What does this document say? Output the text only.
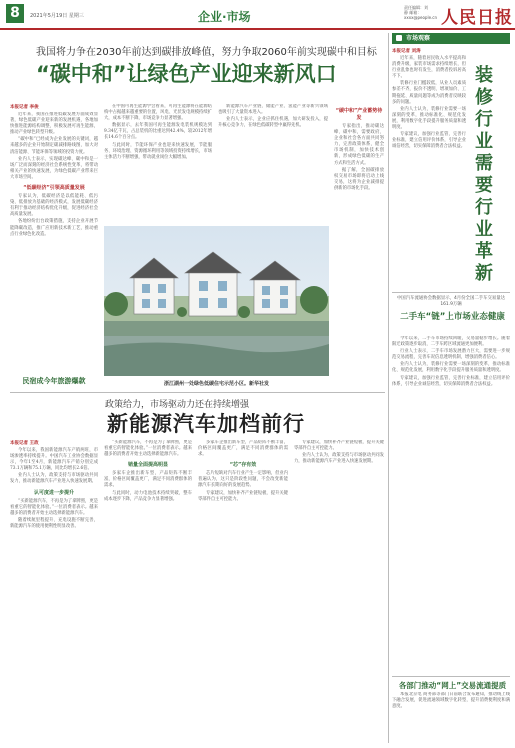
8	2021年5月19日 星期三	企业·市场
责任编辑：刘静 邮箱：xxxx@people.cn 人民日报
我国将力争在2030年前达到碳排放峰值，努力争取2060年前实现碳中和目标
“碳中和”让绿色产业迎来新风口
本报记者 李俊

近年来，我国在推进低碳发展方面成效显著，绿色低碳产业迎来新的发展机遇，各地加快推进能源结构调整，积极发展可再生能源，推动产业绿色转型升级。

“碳中和”已经成为企业发展的关键词，越来越多的企业开始制定碳减排路线图，加大对清洁能源、节能环保等领域的投资力度。

业内人士表示，实现碳达峰、碳中和是一场广泛而深刻的经济社会系统性变革，将带动相关产业的快速发展，为绿色低碳产业带来巨大市场空间。

“低碳经济”引领高质量发展

专家认为，低碳经济是以低能耗、低污染、低排放为基础的经济模式，发展低碳经济有利于推动经济结构优化升级，促进经济社会高质量发展。

各地纷纷出台政策措施，支持企业开展节能降碳改造，推广应用新技术新工艺，推动重点行业绿色化改造。

在中国可再生能源学会看来，可再生能源将在能源结构中占据越来越重要的位置，风电、光伏发电规模持续扩大，成本不断下降，市场竞争力显著增强。

数据显示，去年我国可再生能源发电装机规模达到9.34亿千瓦，占总装机的比重达到42.4%，较2012年增长14.6个百分点。

与此同时，节能环保产业也迎来快速发展，节能服务、环境治理、资源循环利用等领域投资持续增长，市场主体活力不断增强，带动就业岗位大幅增加。

新能源汽车产业链、储能产业、氢能产业等新兴领域也吸引了大量资本进入。

业内人士表示，企业应抓住机遇，加大研发投入，提升核心竞争力，在绿色低碳转型中赢得先机。

“碳中和”产业蓄势待发

专家指出，推动碳达峰、碳中和，需要政府、企业和社会各方面共同努力，完善政策体系，健全市场机制，加快技术创新，形成绿色低碳的生产方式和生活方式。

据了解，全国碳排放权交易市场即将启动上线交易，这将为企业减排提供新的市场化手段。

浙江湖州一处绿色低碳住宅示范小区。新华社发
民宿成今年旅游爆款
政策给力，市场驱动力还在持续增强
新能源汽车加档前行
本报记者 王政

今年以来，我国新能源汽车产销两旺，市场渗透率持续提升。中国汽车工业协会数据显示，今年1至4月，新能源汽车产销分别完成73.1万辆和75.1万辆，同比均增长2.6倍。

业内人士认为，政策支持与市场驱动共同发力，推动新能源汽车产业进入快速发展期。

认可度进一步提升

“买新能源汽车，不再是为了拿牌照，更是看重它的智能化体验。”一位消费者表示。越来越多的消费者开始主动选择新能源汽车。

随着续航里程提升、充电设施不断完善，新能源汽车的使用便利性明显改善。

“买新能源汽车，不再是为了拿牌照，更是看重它的智能化体验。”一位消费者表示。越来越多的消费者开始主动选择新能源汽车。

销量全面提高明显

多家车企推出新车型，产品矩阵不断丰富，价格区间覆盖更广，满足不同消费群体的需求。

与此同时，动力电池技术持续突破，整车成本逐步下降，产品竞争力显著增强。

多家车企推出新车型，产品矩阵不断丰富，价格区间覆盖更广，满足不同消费群体的需求。

“芯”存有效

芯片短缺对汽车行业产生一定影响，但业内普遍认为，这只是阶段性问题，不会改变新能源汽车长期向好的发展趋势。

专家建议，加快补齐产业链短板，提升关键零部件自主可控能力。

专家建议，加快补齐产业链短板，提升关键零部件自主可控能力。

业内人士认为，政策支持与市场驱动共同发力，推动新能源汽车产业进入快速发展期。

市场观察
装修行业需要行业革新
本报记者 刘涛

近年来，随着居民收入水平提高和消费升级，家装市场需求持续增长，但行业乱象也时有发生，消费者投诉居高不下。

装修行业门槛较低，从业人员素质参差不齐，报价不透明、增项加价、工期拖延、质量问题等成为消费者反映较多的问题。

业内人士认为，装修行业需要一场深刻的变革，推动标准化、规范化发展，利用数字化手段提升服务质量和透明度。

专家建议，加强行业监管，完善行业标准，建立信用评价体系，引导企业诚信经营，切实保障消费者合法权益。

中国汽车流通协会数据显示，4月份全国二手车交易量达161.9万辆
二手车“链”上市场业态健康

今年以来，二手车市场持续回暖，交易量稳步增长。随着限迁政策逐步取消，二手车跨区域流通更加便利。

行业人士表示，二手车市场发展潜力巨大，需要进一步规范交易流程，完善车况信息透明机制，增强消费者信心。

业内人士认为，装修行业需要一场深刻的变革，推动标准化、规范化发展，利用数字化手段提升服务质量和透明度。

专家建议，加强行业监管，完善行业标准，建立信用评价体系，引导企业诚信经营，切实保障消费者合法权益。

各部门推动“网上”交易流通提质

本报北京电 商务部等部门日前联合发布通知，推动线上线下融合发展，促进流通领域数字化转型，提升消费便利度和满意度。
